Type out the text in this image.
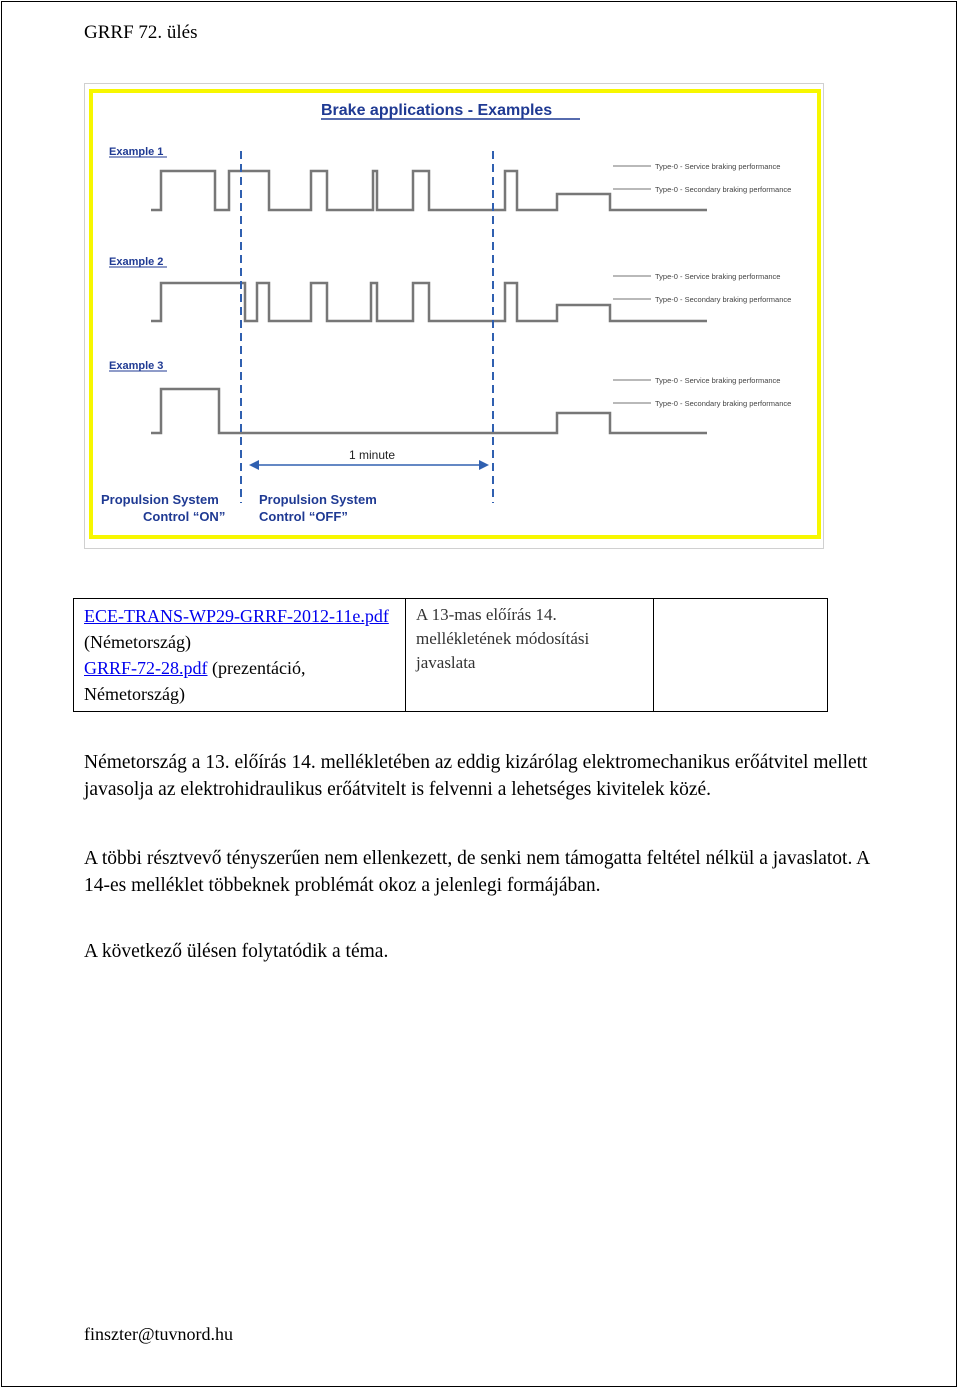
GRRF 72. ülés
Brake applications - Examples
Example 1
Type-0 - Service braking performance
Type-0 - Secondary braking performance
Example 2
Type-0 - Service braking performance
Type-0 - Secondary braking performance
Example 3
Type-0 - Service braking performance
Type-0 - Secondary braking performance
1 minute
Propulsion System
Control “ON”
Propulsion System
Control “OFF”
ECE-TRANS-WP29-GRRF-2012-11e.pdf (Németország)
GRRF-72-28.pdf (prezentáció, Németország)	A 13-mas előírás 14. mellékletének módosítási javaslata	

Németország a 13. előírás 14. mellékletében az eddig kizárólag elektromechanikus erőátvitel mellett javasolja az elektrohidraulikus erőátvitelt is felvenni a lehetséges kivitelek közé.

A többi résztvevő tényszerűen nem ellenkezett, de senki nem támogatta feltétel nélkül a javaslatot. A 14-es melléklet többeknek problémát okoz a jelenlegi formájában.

A következő ülésen folytatódik a téma.

finszter@tuvnord.hu
